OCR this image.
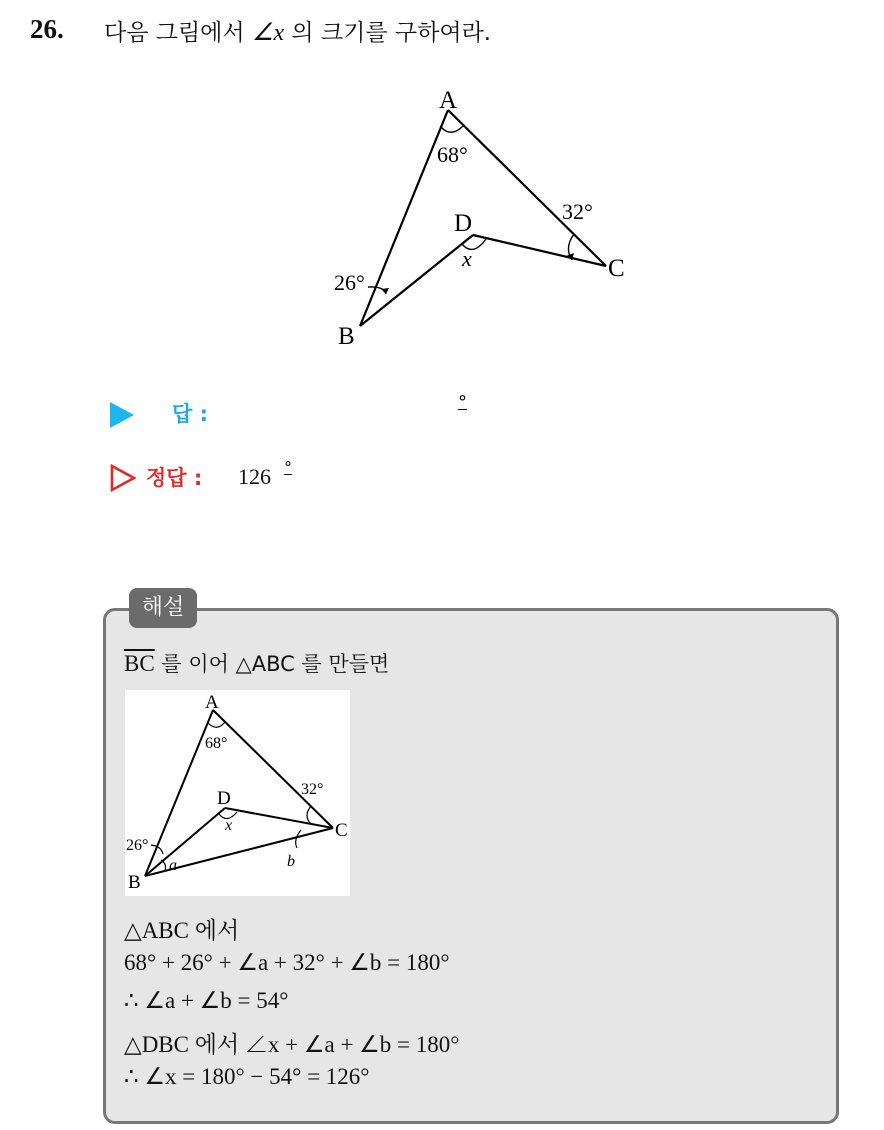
26. 다음 그림에서 ∠x 의 크기를 구하여라.
A
B
C
D
68°
26°
32°
x
답 :	°
정답 : 126 °
해설
$\overline{BC}$ 를 이어 △ABC 를 만들면
A
B
C
D
68°
26°
32°
x
a	b
△ABC 에서
68° + 26° + ∠a + 32° + ∠b = 180°
∴ ∠a + ∠b = 54°
△DBC 에서 ∠x + ∠a + ∠b = 180°
∴ ∠x = 180° − 54° = 126°
